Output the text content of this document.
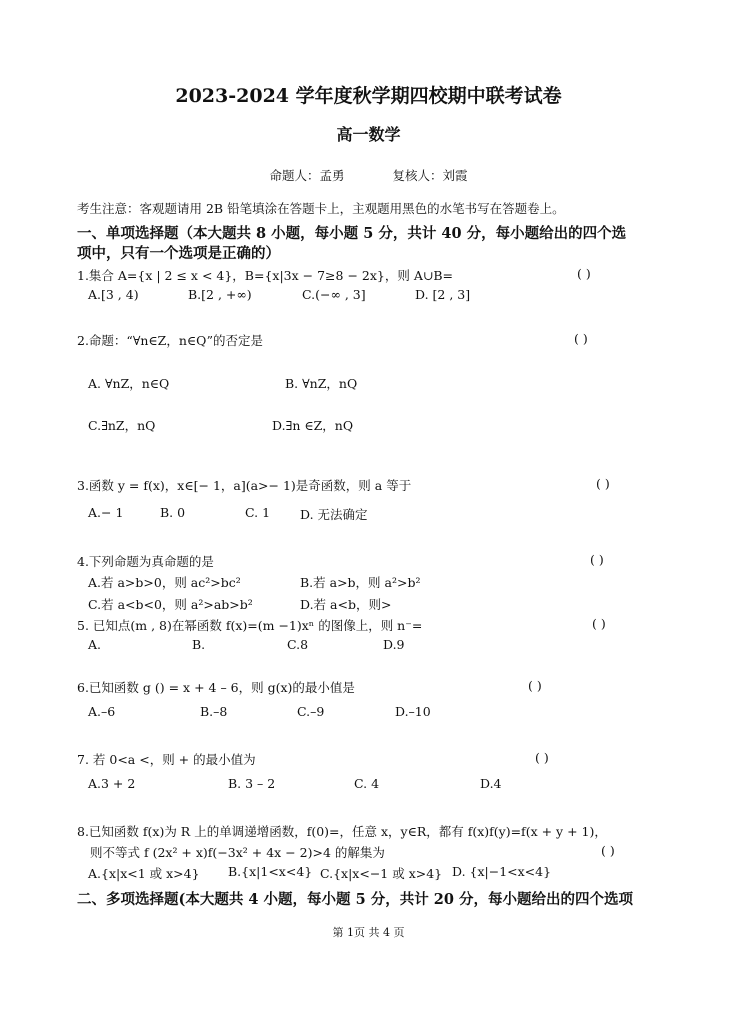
2023-2024 学年度秋学期四校期中联考试卷
高一数学
命题人：孟勇	复核人：刘霞
考生注意：客观题请用 2B 铅笔填涂在答题卡上，主观题用黑色的水笔书写在答题卷上。
一、单项选择题（本大题共 8 小题，每小题 5 分，共计 40 分，每小题给出的四个选
项中，只有一个选项是正确的）
1.集合 A={x | 2 ≤ x < 4}，B={x|3x − 7≥8 − 2x}，则 A∪B=	( )
A.[3 , 4)	B.[2 , +∞)	C.(−∞ , 3]	D. [2 , 3]
2.命题：“∀n∈Z，n∈Q”的否定是	( )
A. ∀nZ，n∈Q	B. ∀nZ，nQ
C.∃nZ，nQ	D.∃n ∈Z，nQ
3.函数 y = f(x)，x∈[− 1，a](a>− 1)是奇函数，则 a 等于	( )
A.− 1	B. 0	C. 1 D. 无法确定
4.下列命题为真命题的是	( )
A.若 a>b>0，则 ac²>bc²	B.若 a>b，则 a²>b²
C.若 a<b<0，则 a²>ab>b²	D.若 a<b，则>
5. 已知点(m , 8)在幂函数 f(x)=(m −1)xⁿ 的图像上，则 n⁻=	( )
A.	B.	C.8	D.9
6.已知函数 g () = x + 4 – 6，则 g(x)的最小值是	( )
A.–6	B.–8	C.–9	D.–10
7. 若 0<a <，则 + 的最小值为	( )
A.3 + 2	B. 3 – 2	C. 4	D.4
8.已知函数 f(x)为 R 上的单调递增函数，f(0)=，任意 x，y∈R，都有 f(x)f(y)=f(x + y + 1)，
则不等式 f (2x² + x)f(−3x² + 4x − 2)>4 的解集为	( )
A.{x|x<1 或 x>4} B.{x|1<x<4} C.{x|x<−1 或 x>4} D. {x|−1<x<4}
二、多项选择题(本大题共 4 小题，每小题 5 分，共计 20 分，每小题给出的四个选项
第 1页 共 4 页
